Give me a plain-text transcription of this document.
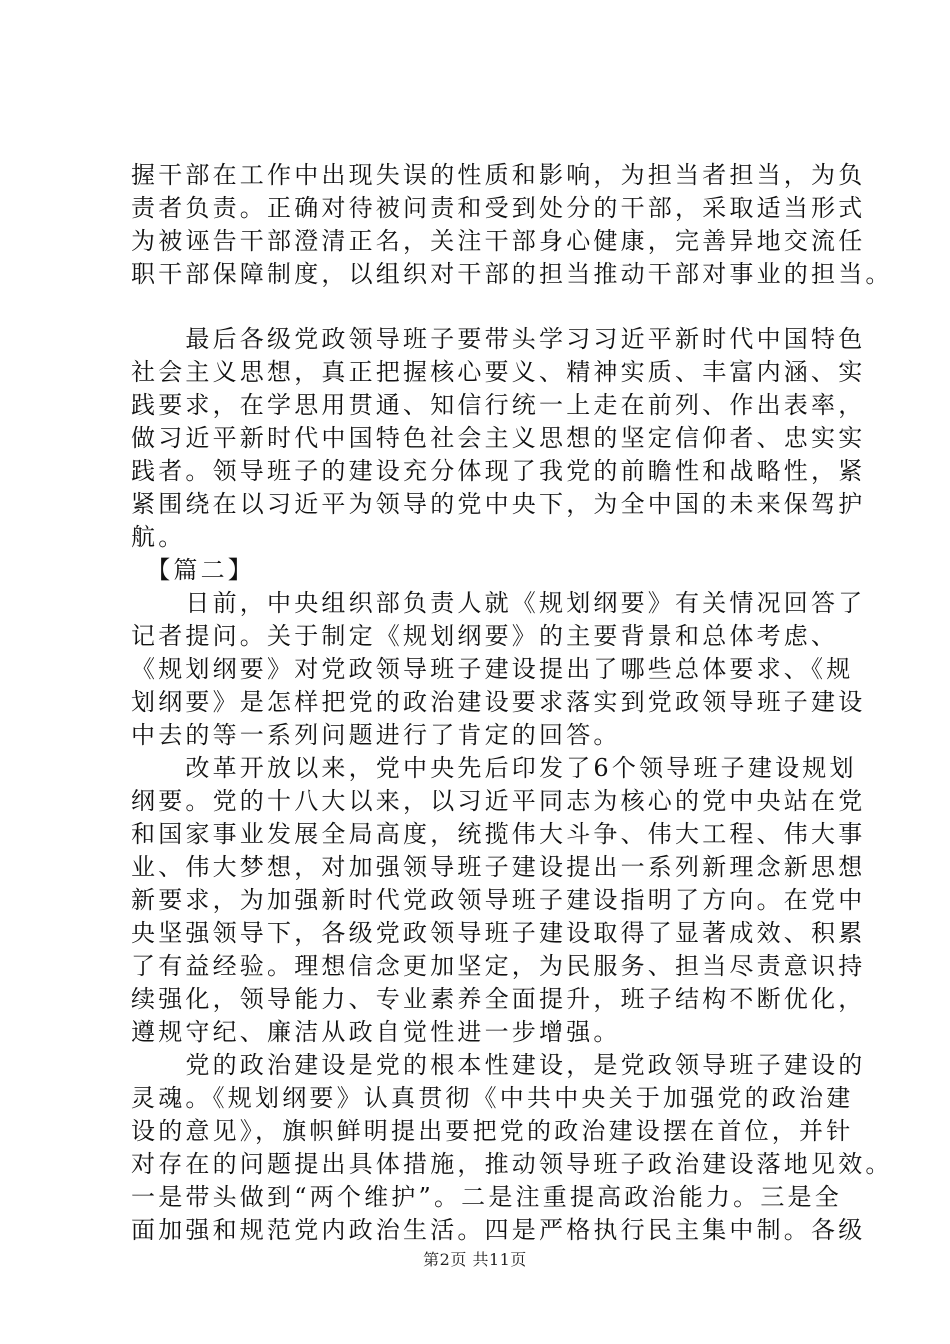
握干部在工作中出现失误的性质和影响，为担当者担当，为负
责者负责。正确对待被问责和受到处分的干部，采取适当形式
为被诬告干部澄清正名，关注干部身心健康，完善异地交流任
职干部保障制度，以组织对干部的担当推动干部对事业的担当。
　　最后各级党政领导班子要带头学习习近平新时代中国特色
社会主义思想，真正把握核心要义、精神实质、丰富内涵、实
践要求，在学思用贯通、知信行统一上走在前列、作出表率，
做习近平新时代中国特色社会主义思想的坚定信仰者、忠实实
践者。领导班子的建设充分体现了我党的前瞻性和战略性，紧
紧围绕在以习近平为领导的党中央下，为全中国的未来保驾护
航。
　【篇二】
　　日前，中央组织部负责人就《规划纲要》有关情况回答了
记者提问。关于制定《规划纲要》的主要背景和总体考虑、
《规划纲要》对党政领导班子建设提出了哪些总体要求、《规
划纲要》是怎样把党的政治建设要求落实到党政领导班子建设
中去的等一系列问题进行了肯定的回答。
　　改革开放以来，党中央先后印发了6个领导班子建设规划
纲要。党的十八大以来，以习近平同志为核心的党中央站在党
和国家事业发展全局高度，统揽伟大斗争、伟大工程、伟大事
业、伟大梦想，对加强领导班子建设提出一系列新理念新思想
新要求，为加强新时代党政领导班子建设指明了方向。在党中
央坚强领导下，各级党政领导班子建设取得了显著成效、积累
了有益经验。理想信念更加坚定，为民服务、担当尽责意识持
续强化，领导能力、专业素养全面提升，班子结构不断优化，
遵规守纪、廉洁从政自觉性进一步增强。
　　党的政治建设是党的根本性建设，是党政领导班子建设的
灵魂。《规划纲要》认真贯彻《中共中央关于加强党的政治建
设的意见》，旗帜鲜明提出要把党的政治建设摆在首位，并针
对存在的问题提出具体措施，推动领导班子政治建设落地见效。
一是带头做到“两个维护”。二是注重提高政治能力。三是全
面加强和规范党内政治生活。四是严格执行民主集中制。各级
第2页 共11页
